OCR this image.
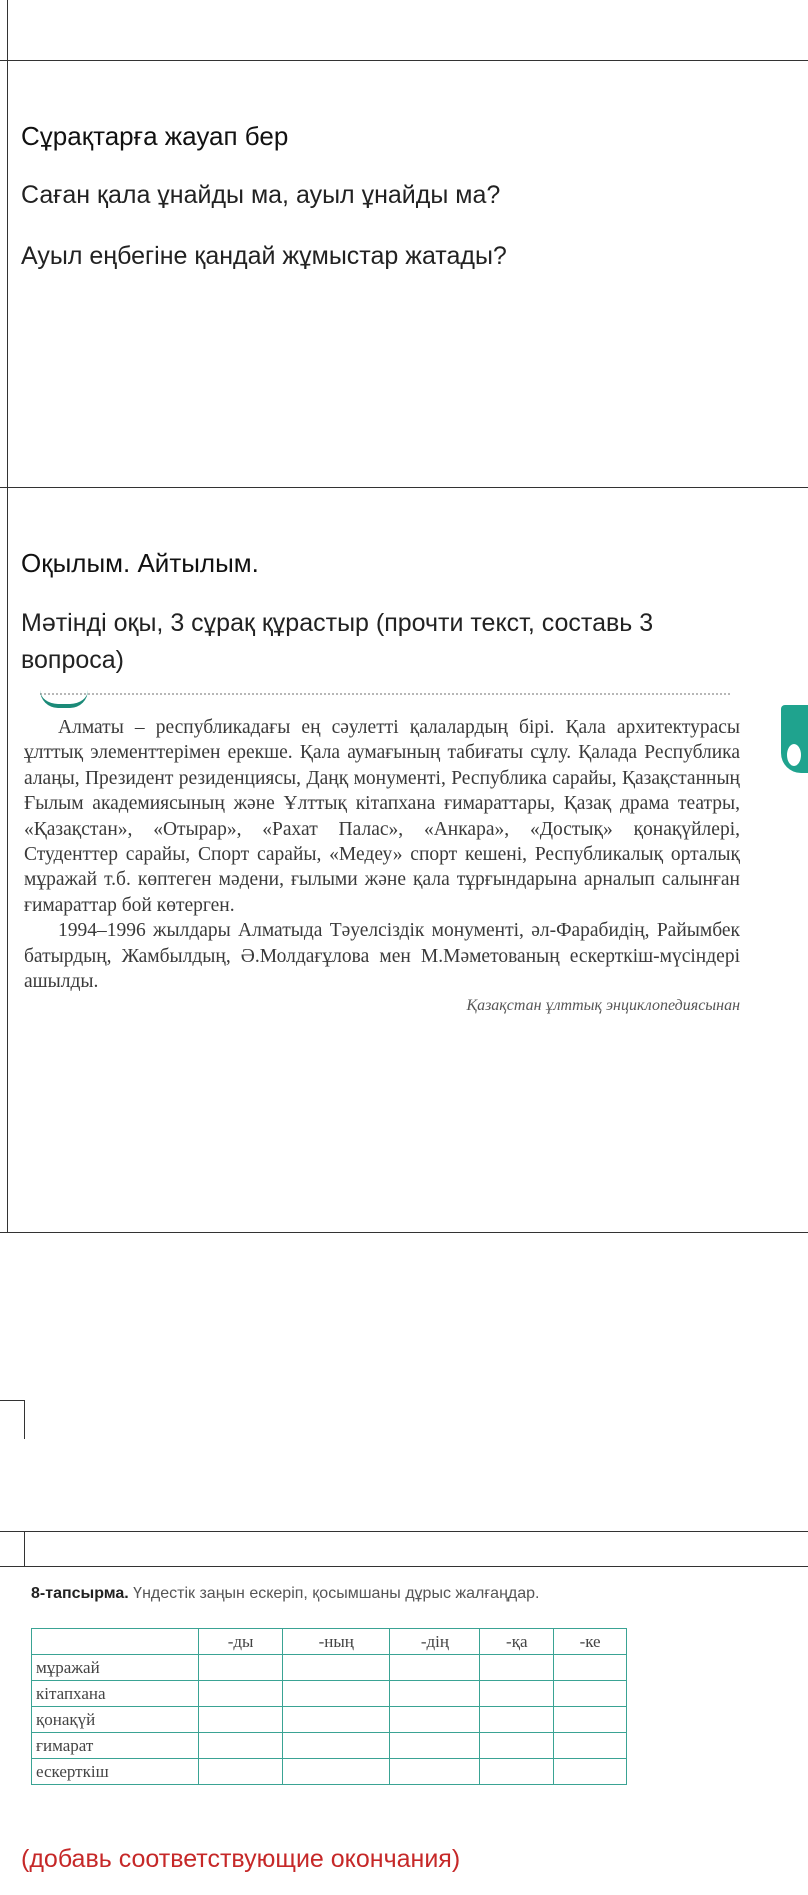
Сұрақтарға жауап бер
Саған қала ұнайды ма, ауыл ұнайды ма?
Ауыл еңбегіне қандай жұмыстар жатады?
Оқылым. Айтылым.
Мәтінді оқы, 3 сұрақ құрастыр (прочти текст, составь 3
вопроса)

Алматы – республикадағы ең сәулетті қалалардың бірі. Қала архитектурасы ұлттық элементтерімен ерекше. Қала аумағының табиғаты сұлу. Қалада Республика алаңы, Президент резиденциясы, Даңқ монументі, Республика сарайы, Қазақстанның Ғылым академиясының және Ұлттық кітапхана ғимараттары, Қазақ драма театры, «Қазақстан», «Отырар», «Рахат Палас», «Анкара», «Достық» қонақүйлері, Студенттер сарайы, Спорт сарайы, «Медеу» спорт кешені, Республикалық орталық мұражай т.б. көптеген мәдени, ғылыми және қала тұрғындарына арналып салынған ғимараттар бой көтерген.

1994–1996 жылдары Алматыда Тәуелсіздік монументі, әл-Фарабидің, Райымбек батырдың, Жамбылдың, Ә.Молдағұлова мен М.Мәметованың ескерткіш-мүсіндері ашылды.

Қазақстан ұлттық энциклопедиясынан

8-тапсырма. Үндестік заңын ескеріп, қосымшаны дұрыс жалғаңдар.
	-ды	-ның	-дің	-қа	-ке
мұражай					
кітапхана					
қонақүй					
ғимарат					
ескерткіш					
(добавь соответствующие окончания)
